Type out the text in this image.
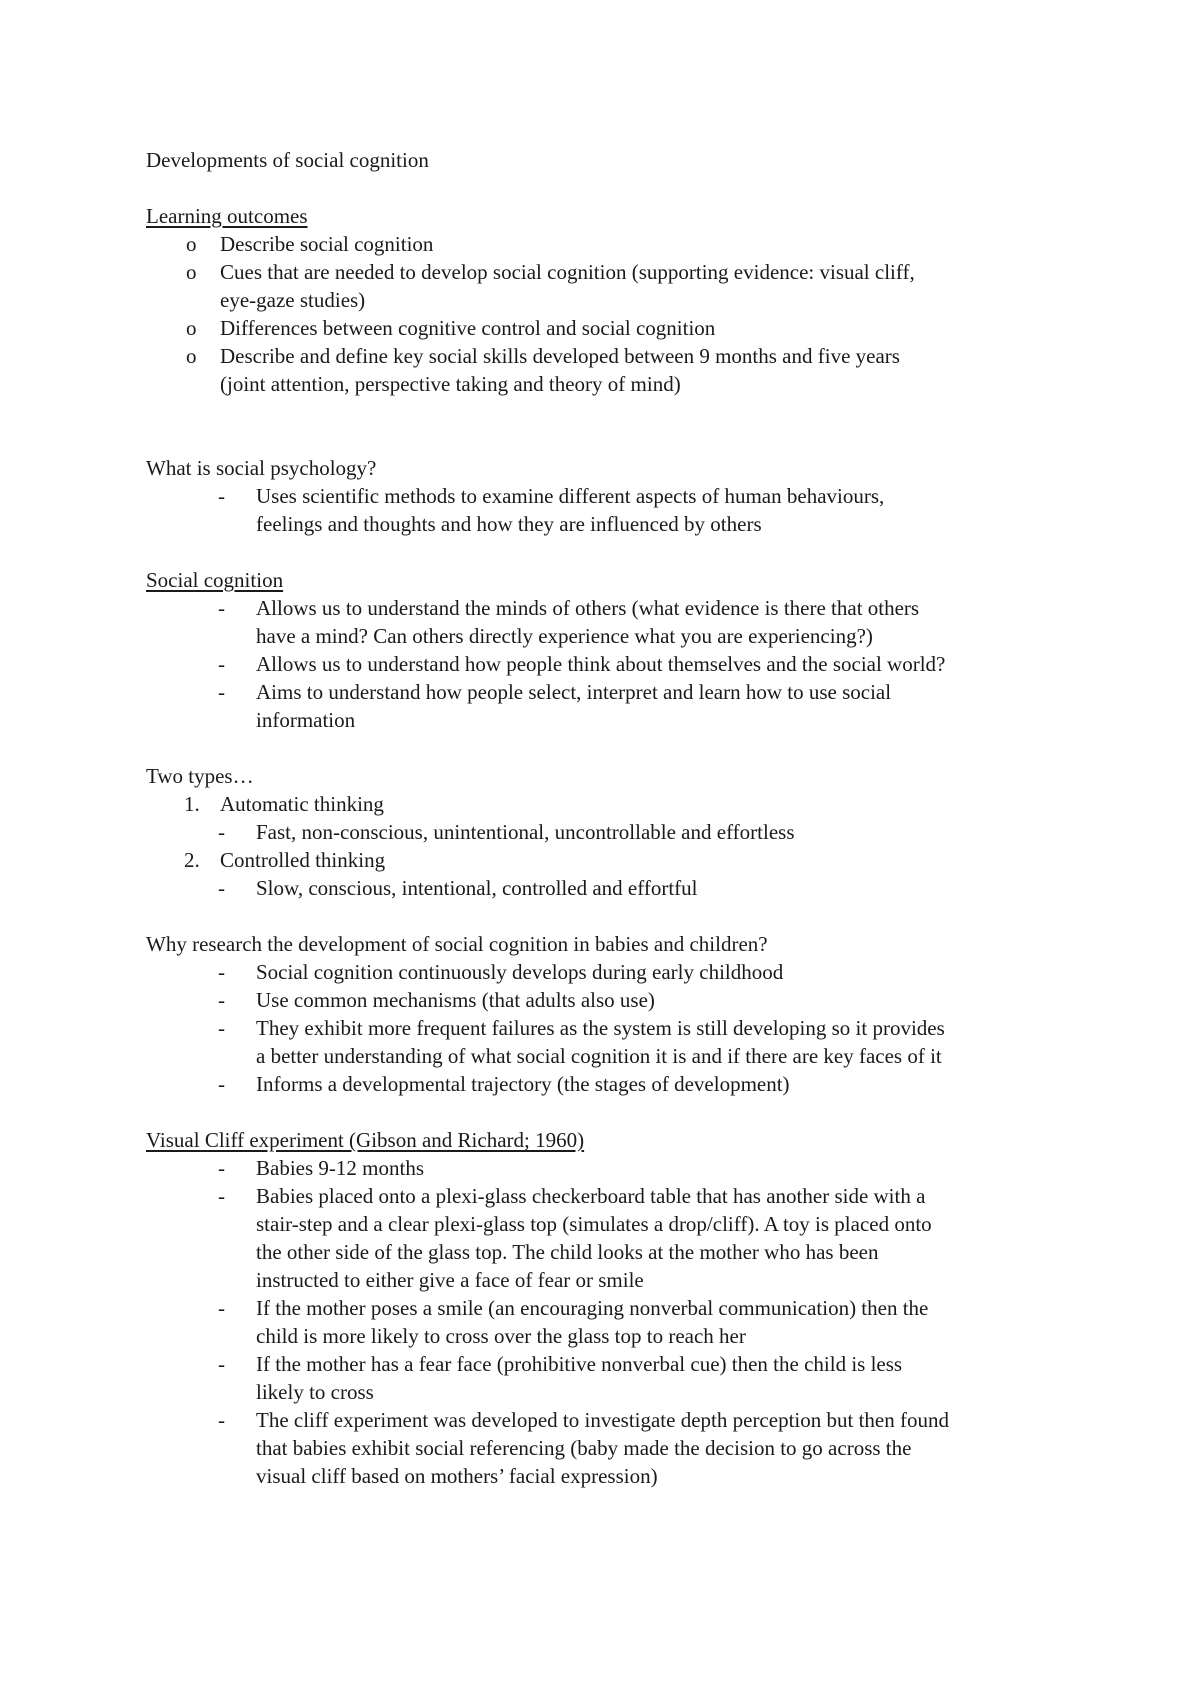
Developments of social cognition

Learning outcomes

o Describe social cognition

o Cues that are needed to develop social cognition (supporting evidence: visual cliff,

eye-gaze studies)

o Differences between cognitive control and social cognition

o Describe and define key social skills developed between 9 months and five years

(joint attention, perspective taking and theory of mind)

What is social psychology?

- Uses scientific methods to examine different aspects of human behaviours,

feelings and thoughts and how they are influenced by others

Social cognition

- Allows us to understand the minds of others (what evidence is there that others

have a mind? Can others directly experience what you are experiencing?)

- Allows us to understand how people think about themselves and the social world?

- Aims to understand how people select, interpret and learn how to use social

information

Two types…

1. Automatic thinking

- Fast, non-conscious, unintentional, uncontrollable and effortless

2. Controlled thinking

- Slow, conscious, intentional, controlled and effortful

Why research the development of social cognition in babies and children?

- Social cognition continuously develops during early childhood

- Use common mechanisms (that adults also use)

- They exhibit more frequent failures as the system is still developing so it provides

a better understanding of what social cognition it is and if there are key faces of it

- Informs a developmental trajectory (the stages of development)

Visual Cliff experiment (Gibson and Richard; 1960)

- Babies 9-12 months

- Babies placed onto a plexi-glass checkerboard table that has another side with a

stair-step and a clear plexi-glass top (simulates a drop/cliff). A toy is placed onto

the other side of the glass top. The child looks at the mother who has been

instructed to either give a face of fear or smile

- If the mother poses a smile (an encouraging nonverbal communication) then the

child is more likely to cross over the glass top to reach her

- If the mother has a fear face (prohibitive nonverbal cue) then the child is less

likely to cross

- The cliff experiment was developed to investigate depth perception but then found

that babies exhibit social referencing (baby made the decision to go across the

visual cliff based on mothers’ facial expression)
